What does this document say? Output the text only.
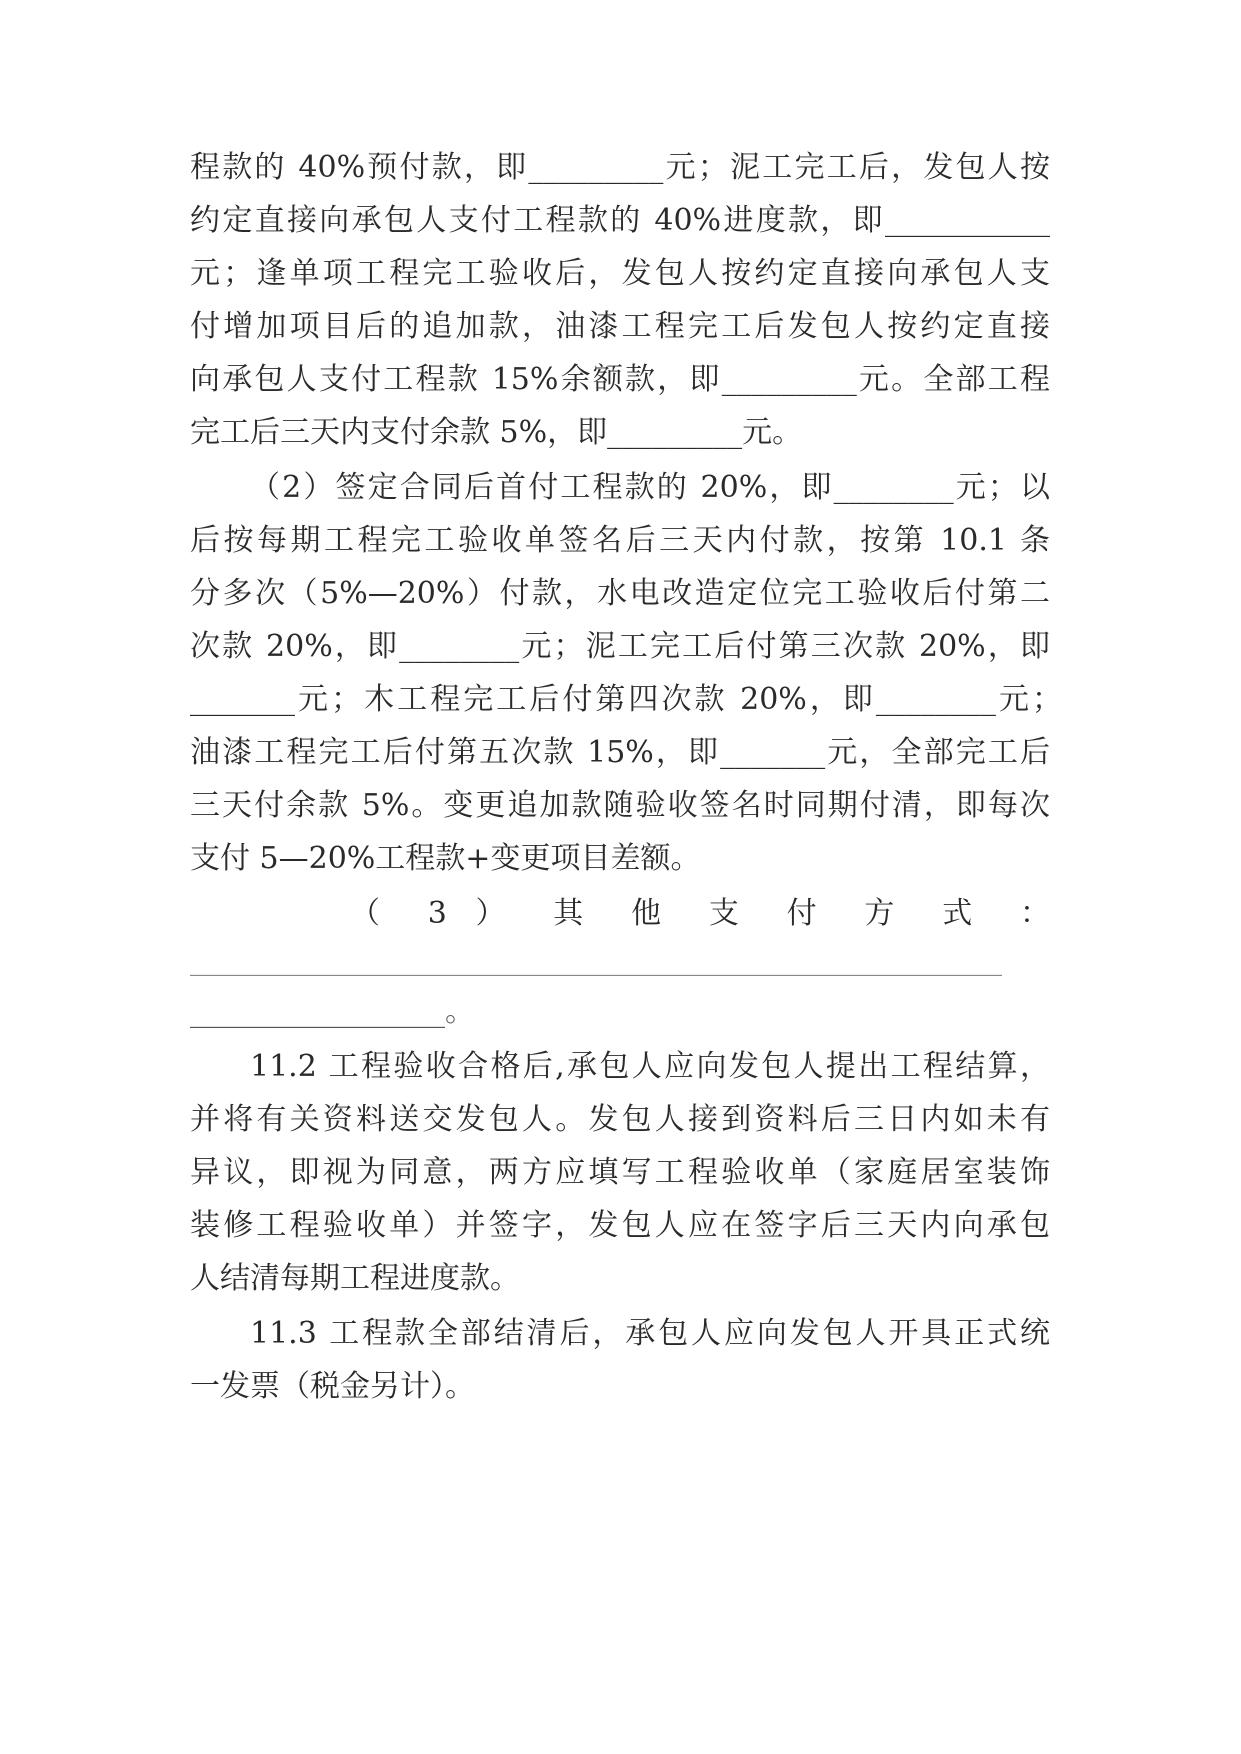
程款的 40%预付款，即_________元；泥工完工后，发包人按
约定直接向承包人支付工程款的 40%进度款，即___________
元；逢单项工程完工验收后，发包人按约定直接向承包人支
付增加项目后的追加款，油漆工程完工后发包人按约定直接
向承包人支付工程款 15%余额款，即_________元。全部工程
完工后三天内支付余款 5%，即_________元。
（2）签定合同后首付工程款的 20%，即________元；以
后按每期工程完工验收单签名后三天内付款，按第 10.1 条
分多次（5%—20%）付款，水电改造定位完工验收后付第二
次款 20%，即________元；泥工完工后付第三次款 20%，即
_______元；木工程完工后付第四次款 20%，即________元；
油漆工程完工后付第五次款 15%，即_______元，全部完工后
三天付余款 5%。变更追加款随验收签名时同期付清，即每次
支付 5—20%工程款+变更项目差额。
（ 3 ） 其 他 支 付 方 式 ：
________________________________________________________
_________________。
11.2 工程验收合格后,承包人应向发包人提出工程结算，
并将有关资料送交发包人。发包人接到资料后三日内如未有
异议，即视为同意，两方应填写工程验收单（家庭居室装饰
装修工程验收单）并签字，发包人应在签字后三天内向承包
人结清每期工程进度款。
11.3 工程款全部结清后，承包人应向发包人开具正式统
一发票（税金另计）。
